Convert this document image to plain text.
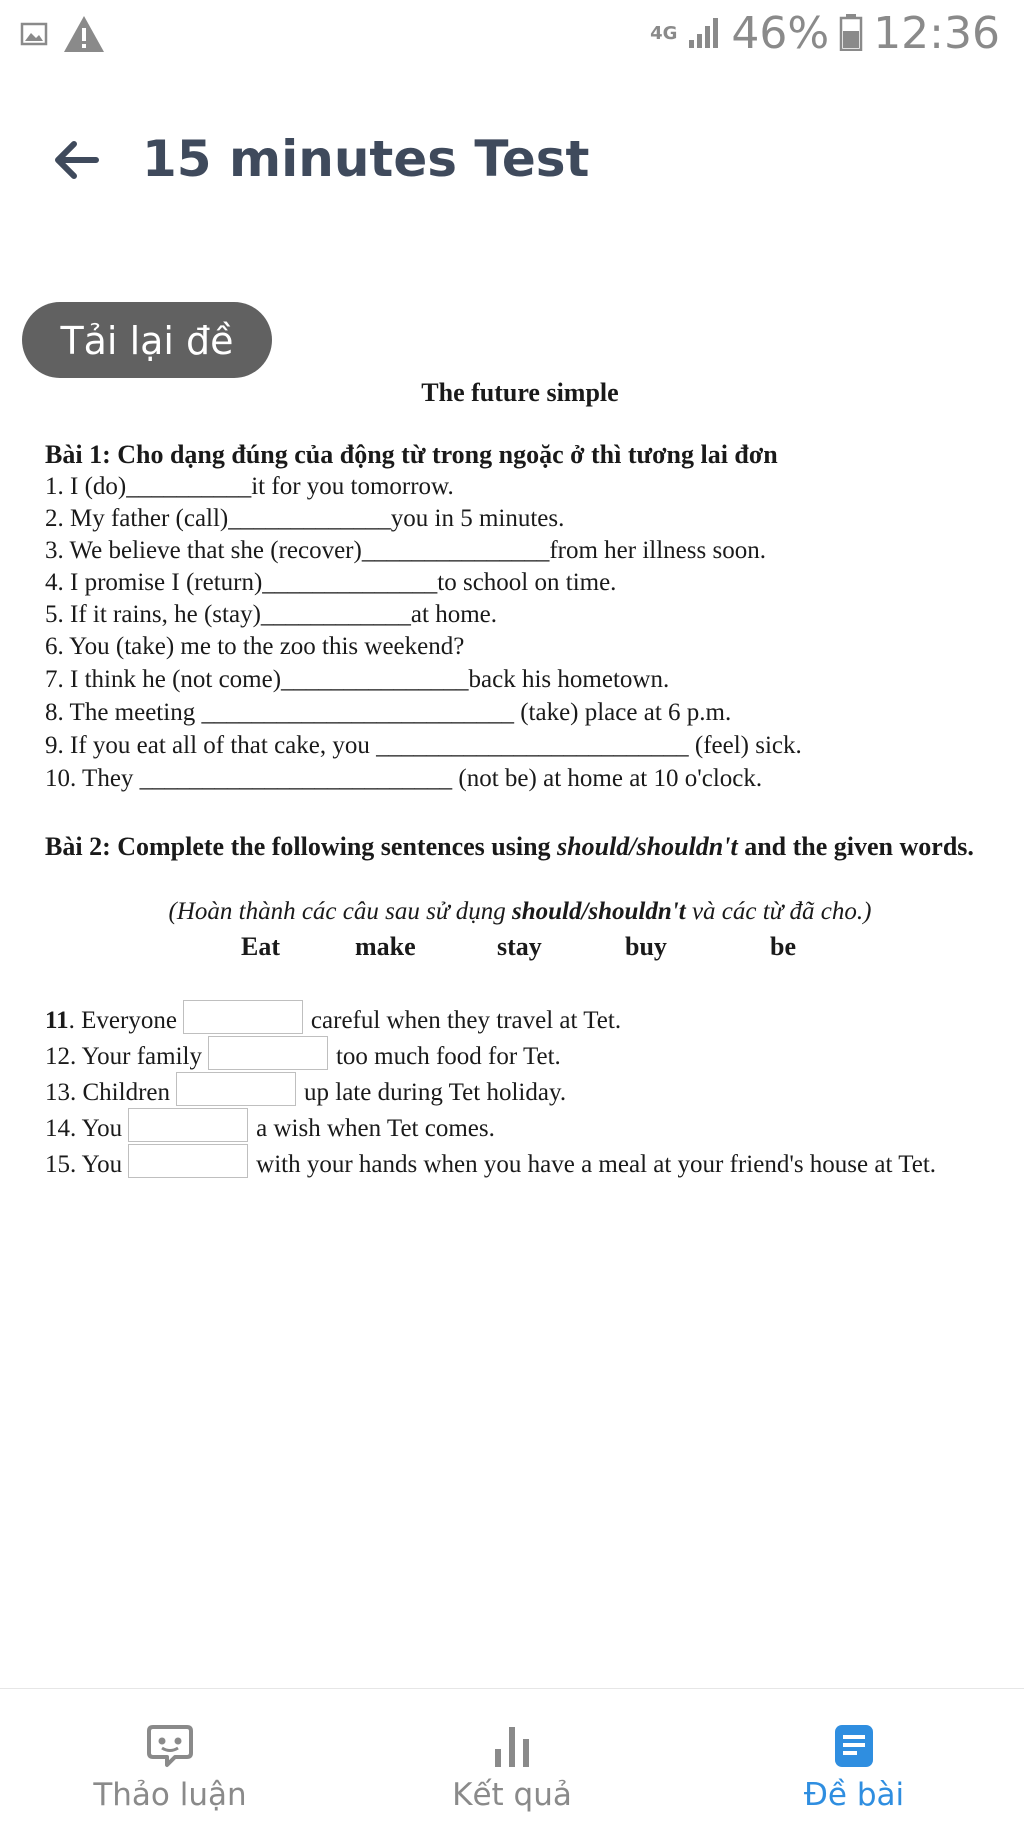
4G 46% 12:36
15 minutes Test
Tải lại đề
The future simple
Bài 1: Cho dạng đúng của động từ trong ngoặc ở thì tương lai đơn
1. I (do)__________it for you tomorrow.
2. My father (call)_____________you in 5 minutes.
3. We believe that she (recover)_______________from her illness soon.
4. I promise I (return)______________to school on time.
5. If it rains, he (stay)____________at home.
6. You (take) me to the zoo this weekend?
7. I think he (not come)_______________back his hometown.
8. The meeting _________________________ (take) place at 6 p.m.
9. If you eat all of that cake, you _________________________ (feel) sick.
10. They _________________________ (not be) at home at 10 o'clock.
Bài 2: Complete the following sentences using should/shouldn't and the given words.
(Hoàn thành các câu sau sử dụng should/shouldn't và các từ đã cho.)
Eat	make	stay	buy	be
11. Everyone	careful when they travel at Tet.
12. Your family	too much food for Tet.
13. Children	up late during Tet holiday.
14. You	a wish when Tet comes.
15. You	with your hands when you have a meal at your friend's house at Tet.
Thảo luận	Kết quả	Đề bài
